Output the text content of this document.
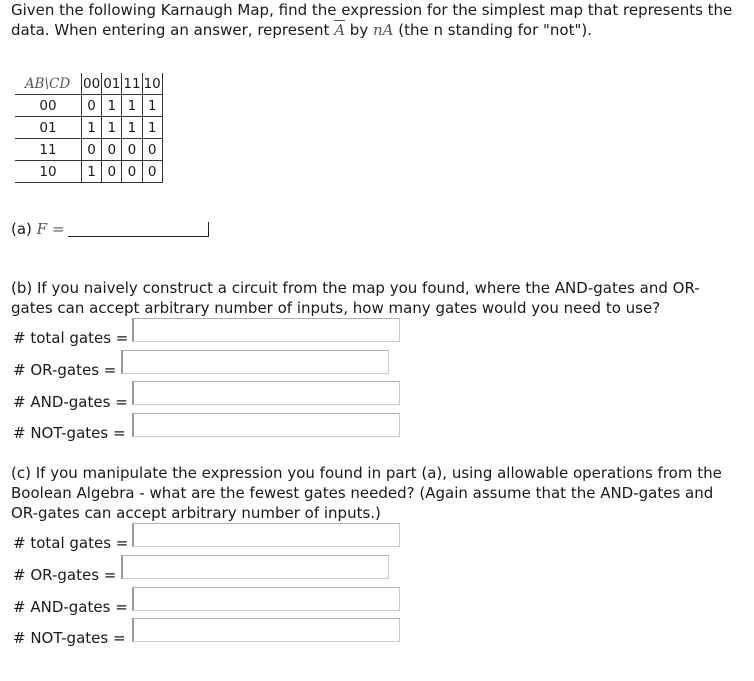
Given the following Karnaugh Map, find the expression for the simplest map that represents the data. When entering an answer, represent $\overline{A}$ by nA (the n standing for "not").

AB\CD	00	01	11	10
00	0	1	1	1
01	1	1	1	1
11	0	0	0	0
10	1	0	0	0
(a) F =

(b) If you naively construct a circuit from the map you found, where the AND-gates and OR-gates can accept arbitrary number of inputs, how many gates would you need to use?

# total gates =
# OR-gates =
# AND-gates =
# NOT-gates =

(c) If you manipulate the expression you found in part (a), using allowable operations from the Boolean Algebra - what are the fewest gates needed? (Again assume that the AND-gates and OR-gates can accept arbitrary number of inputs.)

# total gates =
# OR-gates =
# AND-gates =
# NOT-gates =
